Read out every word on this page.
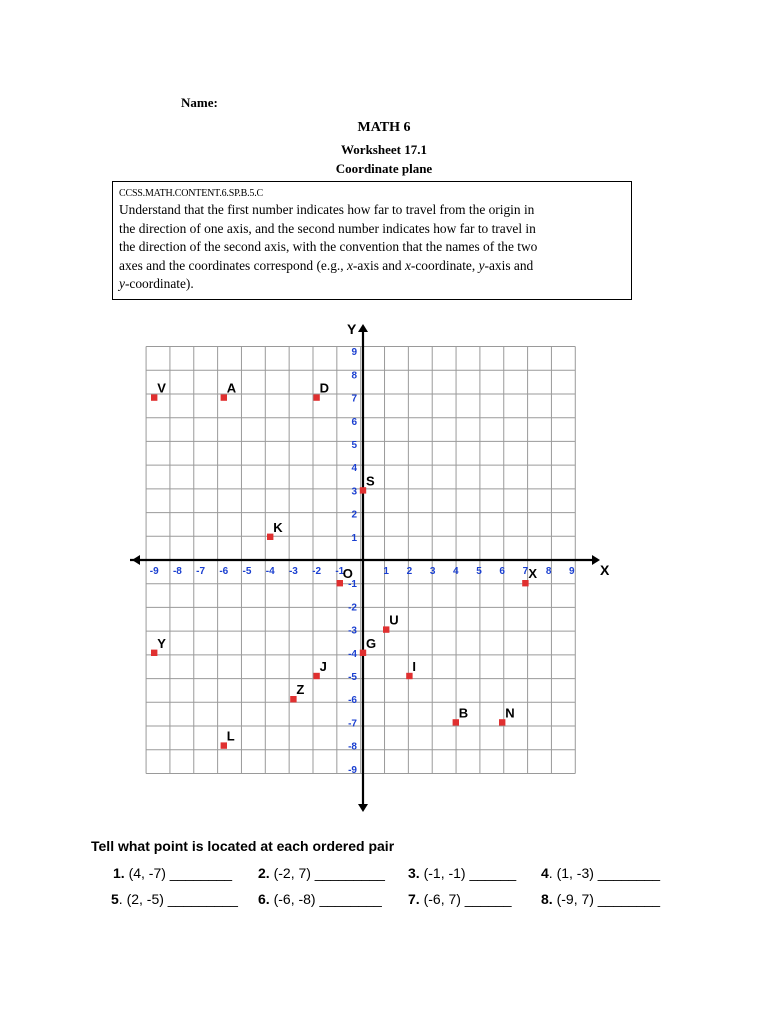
Name:
MATH 6
Worksheet 17.1
Coordinate plane
CCSS.MATH.CONTENT.6.SP.B.5.C
Understand that the first number indicates how far to travel from the origin in
the direction of one axis, and the second number indicates how far to travel in
the direction of the second axis, with the convention that the names of the two
axes and the coordinates correspond (e.g., x-axis and x-coordinate, y-axis and
y-coordinate).
X
Y
-9 -8 -7 -6 -5 -4 -3 -2 -1	1 2 3 4 5 6 7 8 9
9
8
7
6
5
4
3
2
1
-1
-2
-3
-4
-5
-6
-7
-8
-9
V	A	D
S
K
O	X
U
G
Y
J	I
Z
B	N
L
Tell what point is located at each ordered pair
1. (4, -7) ________ 2. (-2, 7) _________ 3. (-1, -1) ______ 4. (1, -3) ________
5. (2, -5) _________ 6. (-6, -8) ________ 7. (-6, 7) ______ 8. (-9, 7) ________
